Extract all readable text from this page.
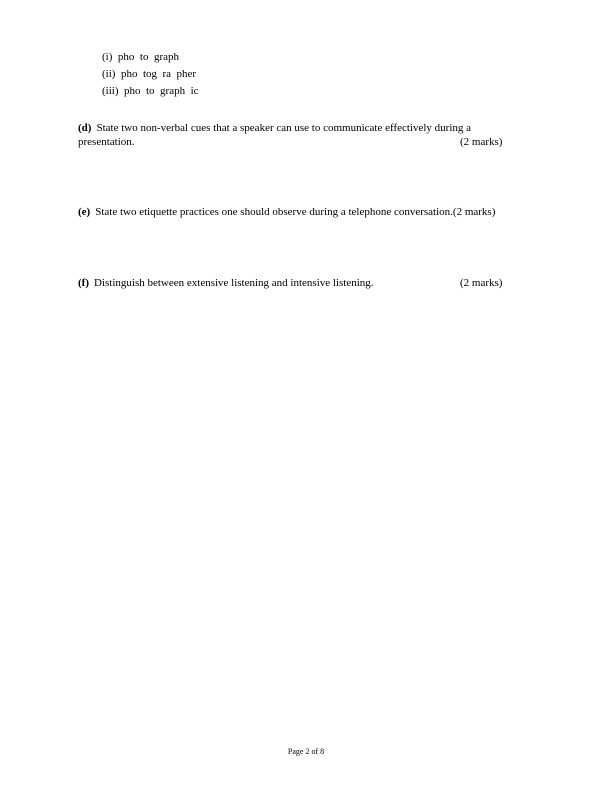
(i)  pho  to  graph
(ii)  pho  tog  ra  pher
(iii)  pho  to  graph  ic
(d) State two non-verbal cues that a speaker can use to communicate effectively during a
presentation.	(2 marks)
(e) State two etiquette practices one should observe during a telephone conversation.(2 marks)
(f) Distinguish between extensive listening and intensive listening.	(2 marks)
Page 2 of 8
